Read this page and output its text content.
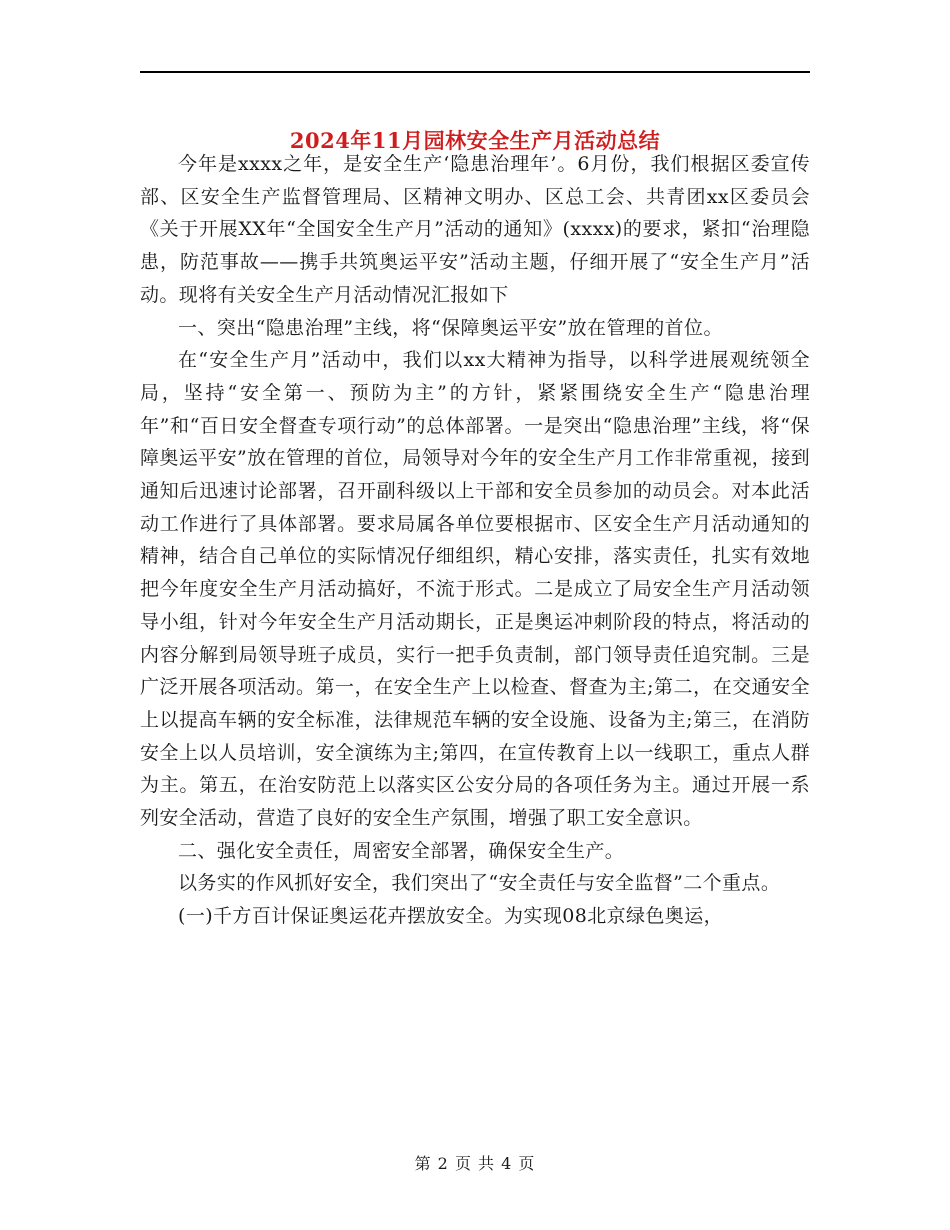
2024年11月园林安全生产月活动总结

今年是xxxx之年，是安全生产‘隐患治理年’。6月份，我们根据区委宣传部、区安全生产监督管理局、区精神文明办、区总工会、共青团xx区委员会《关于开展XX年“全国安全生产月”活动的通知》(xxxx)的要求，紧扣“治理隐患，防范事故——携手共筑奥运平安”活动主题，仔细开展了“安全生产月”活动。现将有关安全生产月活动情况汇报如下

一、突出“隐患治理”主线，将“保障奥运平安”放在管理的首位。

在“安全生产月”活动中，我们以xx大精神为指导，以科学进展观统领全局，坚持“安全第一、预防为主”的方针，紧紧围绕安全生产“隐患治理年”和“百日安全督查专项行动”的总体部署。一是突出“隐患治理”主线，将“保障奥运平安”放在管理的首位，局领导对今年的安全生产月工作非常重视，接到通知后迅速讨论部署，召开副科级以上干部和安全员参加的动员会。对本此活动工作进行了具体部署。要求局属各单位要根据市、区安全生产月活动通知的精神，结合自己单位的实际情况仔细组织，精心安排，落实责任，扎实有效地把今年度安全生产月活动搞好，不流于形式。二是成立了局安全生产月活动领导小组，针对今年安全生产月活动期长，正是奥运冲刺阶段的特点，将活动的内容分解到局领导班子成员，实行一把手负责制，部门领导责任追究制。三是广泛开展各项活动。第一，在安全生产上以检查、督查为主;第二，在交通安全上以提高车辆的安全标准，法律规范车辆的安全设施、设备为主;第三，在消防安全上以人员培训，安全演练为主;第四，在宣传教育上以一线职工，重点人群为主。第五，在治安防范上以落实区公安分局的各项任务为主。通过开展一系列安全活动，营造了良好的安全生产氛围，增强了职工安全意识。

二、强化安全责任，周密安全部署，确保安全生产。

以务实的作风抓好安全，我们突出了“安全责任与安全监督”二个重点。

(一)千方百计保证奥运花卉摆放安全。为实现08北京绿色奥运，

第 2 页 共 4 页
